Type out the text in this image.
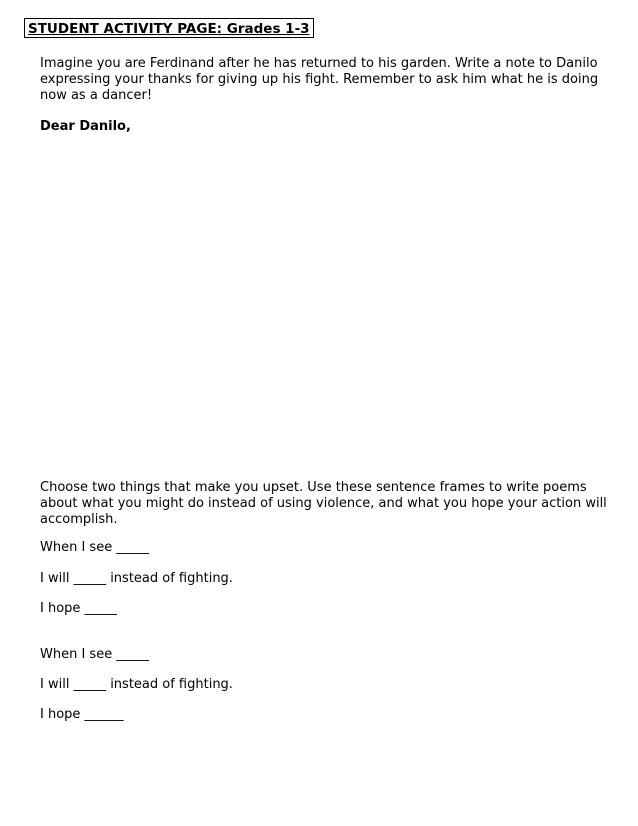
STUDENT ACTIVITY PAGE: Grades 1-3

Imagine you are Ferdinand after he has returned to his garden. Write a note to Danilo expressing your thanks for giving up his fight. Remember to ask him what he is doing now as a dancer!

Dear Danilo,

Choose two things that make you upset. Use these sentence frames to write poems about what you might do instead of using violence, and what you hope your action will accomplish.

When I see _____
I will _____ instead of fighting.
I hope _____
When I see _____
I will _____ instead of fighting.
I hope ______
